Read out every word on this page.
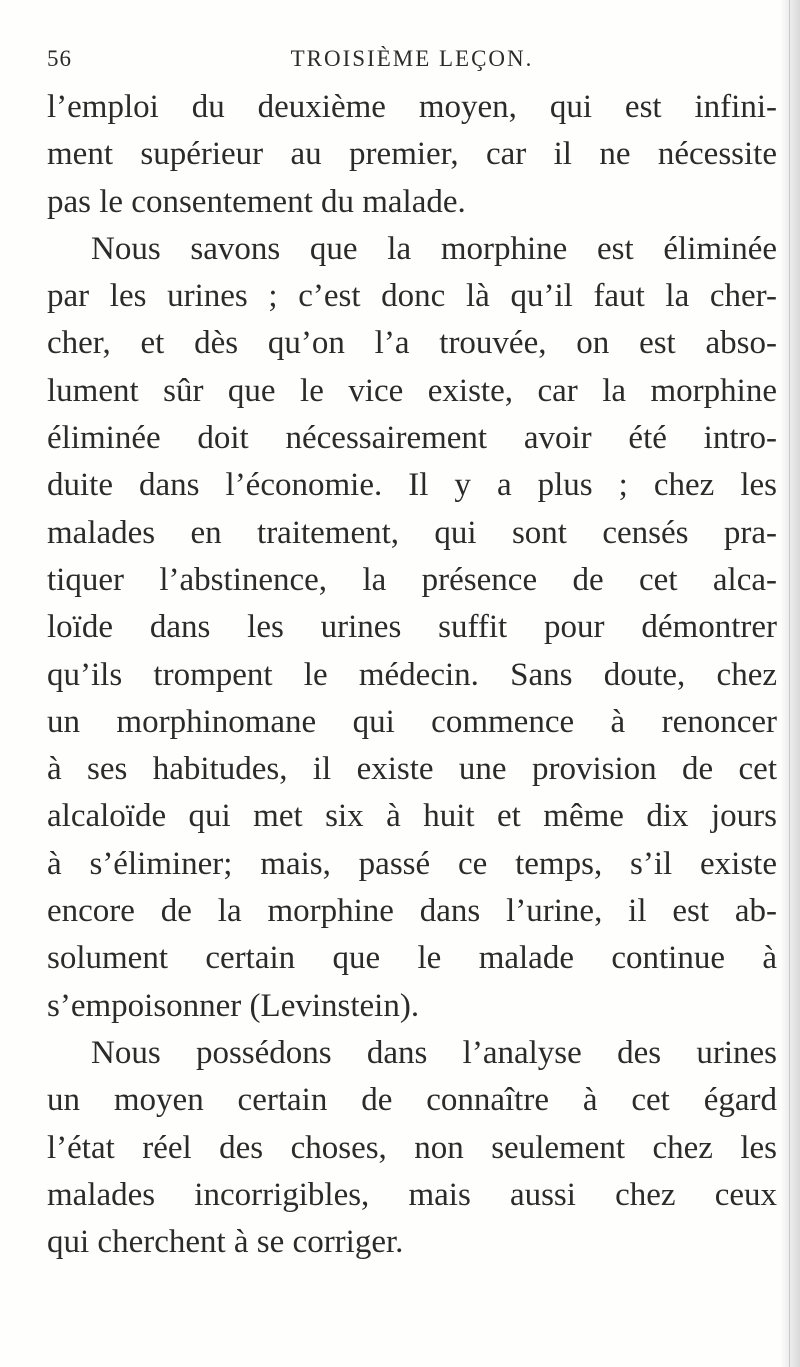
56	TROISIÈME LEÇON.
l’emploi du deuxième moyen, qui est infini-
ment supérieur au premier, car il ne nécessite
pas le consentement du malade.
Nous savons que la morphine est éliminée
par les urines ; c’est donc là qu’il faut la cher-
cher, et dès qu’on l’a trouvée, on est abso-
lument sûr que le vice existe, car la morphine
éliminée doit nécessairement avoir été intro-
duite dans l’économie. Il y a plus ; chez les
malades en traitement, qui sont censés pra-
tiquer l’abstinence, la présence de cet alca-
loïde dans les urines suffit pour démontrer
qu’ils trompent le médecin. Sans doute, chez
un morphinomane qui commence à renoncer
à ses habitudes, il existe une provision de cet
alcaloïde qui met six à huit et même dix jours
à s’éliminer; mais, passé ce temps, s’il existe
encore de la morphine dans l’urine, il est ab-
solument certain que le malade continue à
s’empoisonner (Levinstein).
Nous possédons dans l’analyse des urines
un moyen certain de connaître à cet égard
l’état réel des choses, non seulement chez les
malades incorrigibles, mais aussi chez ceux
qui cherchent à se corriger.
